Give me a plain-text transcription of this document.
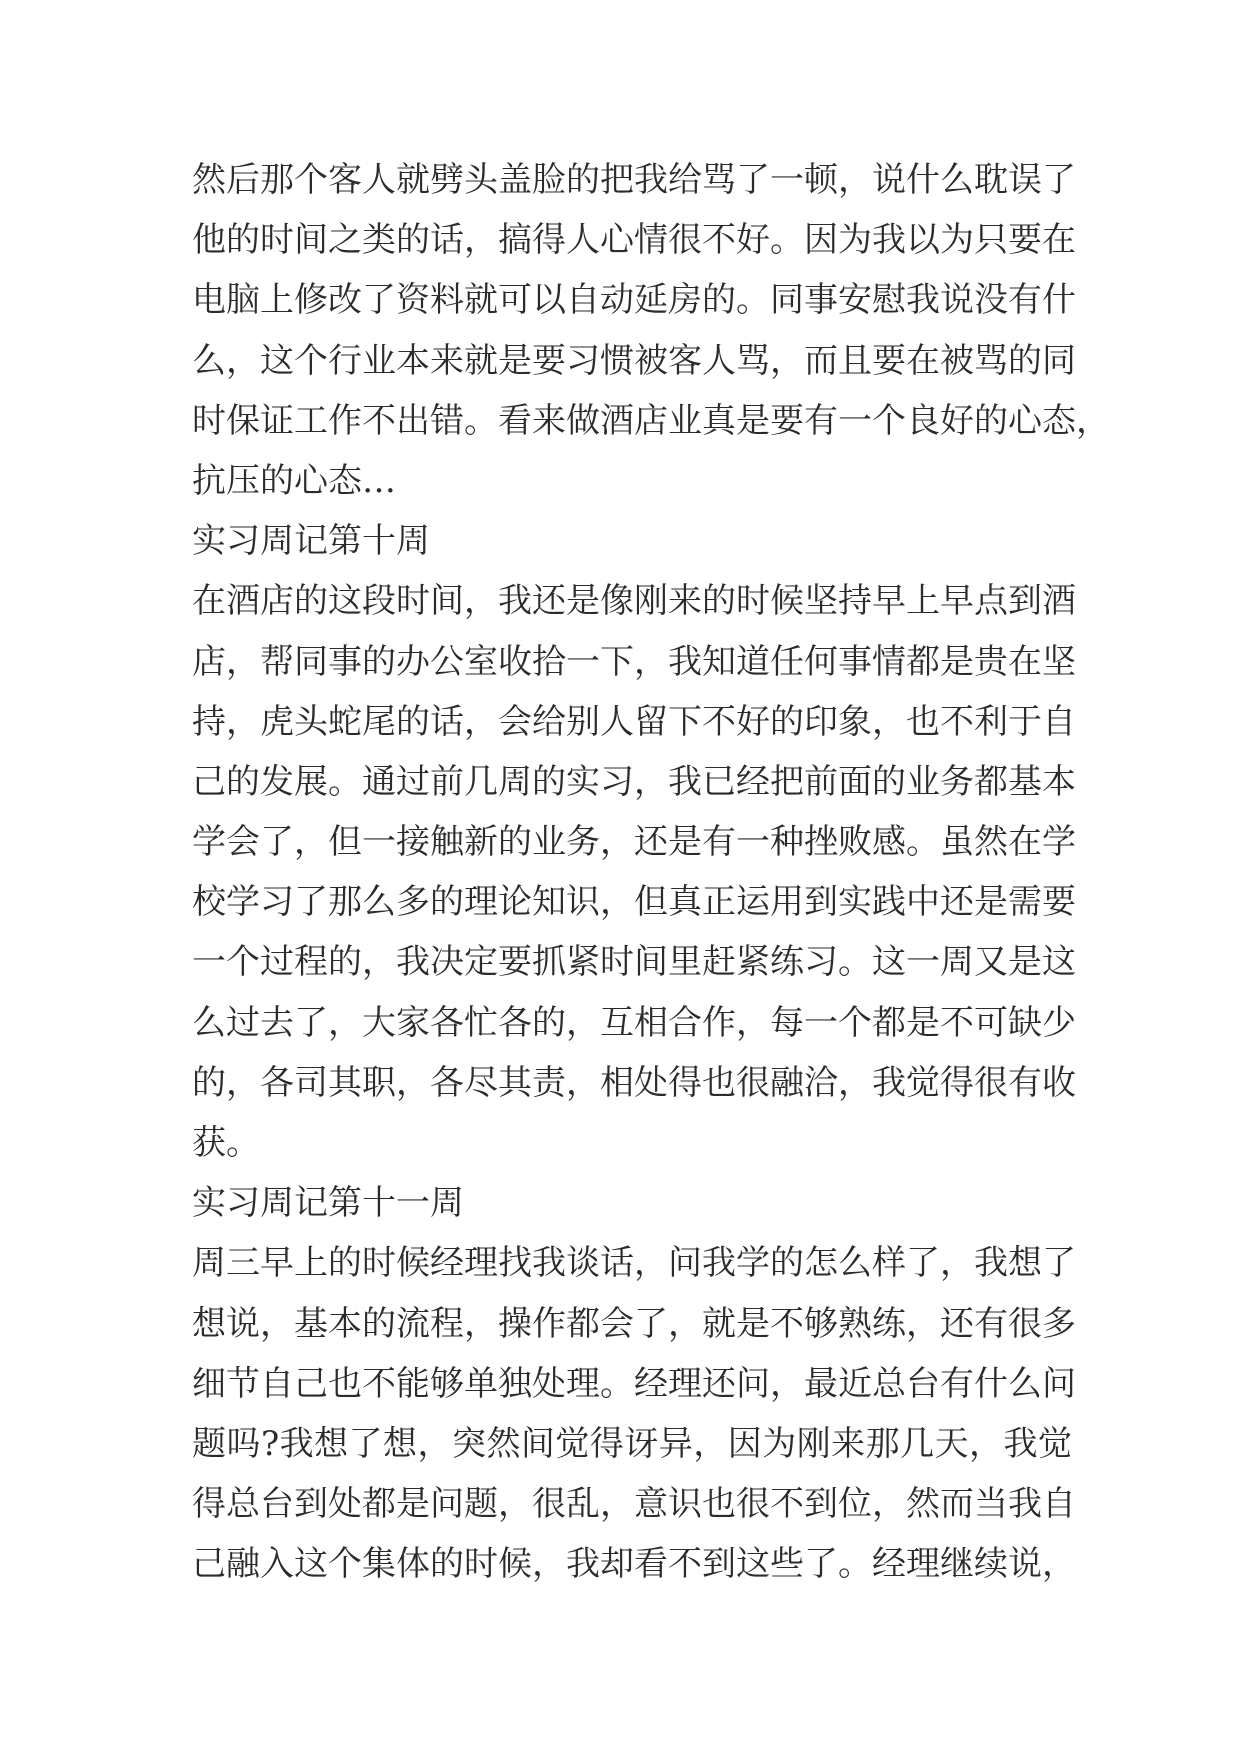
然后那个客人就劈头盖脸的把我给骂了一顿，说什么耽误了
他的时间之类的话，搞得人心情很不好。因为我以为只要在
电脑上修改了资料就可以自动延房的。同事安慰我说没有什
么，这个行业本来就是要习惯被客人骂，而且要在被骂的同
时保证工作不出错。看来做酒店业真是要有一个良好的心态，
抗压的心态…
实习周记第十周
在酒店的这段时间，我还是像刚来的时候坚持早上早点到酒
店，帮同事的办公室收拾一下，我知道任何事情都是贵在坚
持，虎头蛇尾的话，会给别人留下不好的印象，也不利于自
己的发展。通过前几周的实习，我已经把前面的业务都基本
学会了，但一接触新的业务，还是有一种挫败感。虽然在学
校学习了那么多的理论知识，但真正运用到实践中还是需要
一个过程的，我决定要抓紧时间里赶紧练习。这一周又是这
么过去了，大家各忙各的，互相合作，每一个都是不可缺少
的，各司其职，各尽其责，相处得也很融洽，我觉得很有收
获。
实习周记第十一周
周三早上的时候经理找我谈话，问我学的怎么样了，我想了
想说，基本的流程，操作都会了，就是不够熟练，还有很多
细节自己也不能够单独处理。经理还问，最近总台有什么问
题吗?我想了想，突然间觉得讶异，因为刚来那几天，我觉
得总台到处都是问题，很乱，意识也很不到位，然而当我自
己融入这个集体的时候，我却看不到这些了。经理继续说，
